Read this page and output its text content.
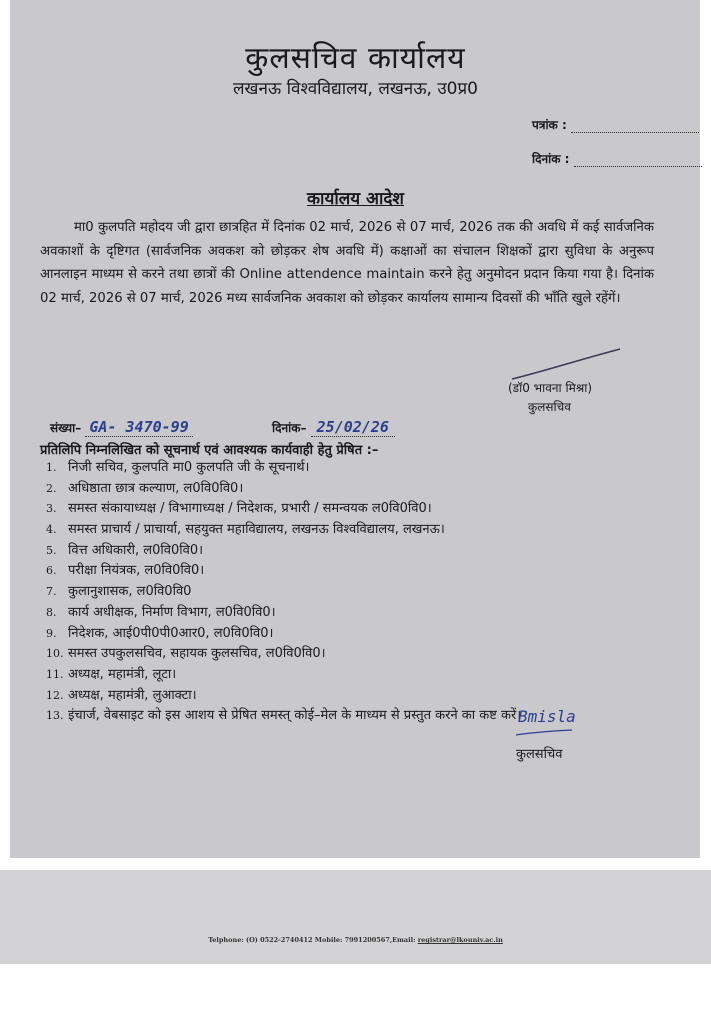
कुलसचिव कार्यालय
लखनऊ विश्वविद्यालय, लखनऊ, उ0प्र0
पत्रांक :
दिनांक :
कार्यालय आदेश

मा0 कुलपति महोदय जी द्वारा छात्रहित में दिनांक 02 मार्च, 2026 से 07 मार्च, 2026 तक की अवधि में कई सार्वजनिक अवकाशों के दृष्टिगत (सार्वजनिक अवकश को छोड़कर शेष अवधि में) कक्षाओं का संचालन शिक्षकों द्वारा सुविधा के अनुरूप आनलाइन माध्यम से करने तथा छात्रों की Online attendence maintain करने हेतु अनुमोदन प्रदान किया गया है। दिनांक 02 मार्च, 2026 से 07 मार्च, 2026 मध्य सार्वजनिक अवकाश को छोड़कर कार्यालय सामान्य दिवसों की भाँति खुले रहेंगें।

(डॉ0 भावना मिश्रा)
कुलसचिव
संख्या– GA- 3470-99	दिनांक– 25/02/26
प्रतिलिपि निम्नलिखित को सूचनार्थ एवं आवश्यक कार्यवाही हेतु प्रेषित :–
1. निजी सचिव, कुलपति मा0 कुलपति जी के सूचनार्थ।
2. अधिष्ठाता छात्र कल्याण, ल0वि0वि0।
3. समस्त संकायाध्यक्ष / विभागाध्यक्ष / निदेशक, प्रभारी / समन्वयक ल0वि0वि0।
4. समस्त प्राचार्य / प्राचार्या, सहयुक्त महाविद्यालय, लखनऊ विश्वविद्यालय, लखनऊ।
5. वित्त अधिकारी, ल0वि0वि0।
6. परीक्षा नियंत्रक, ल0वि0वि0।
7. कुलानुशासक, ल0वि0वि0
8. कार्य अधीक्षक, निर्माण विभाग, ल0वि0वि0।
9. निदेशक, आई0पी0पी0आर0, ल0वि0वि0।
10. समस्त उपकुलसचिव, सहायक कुलसचिव, ल0वि0वि0।
11. अध्यक्ष, महामंत्री, लूटा।
12. अध्यक्ष, महामंत्री, लुआक्टा।
13. इंचार्ज, वेबसाइट को इस आशय से प्रेषित समस्त् कोई–मेल के माध्यम से प्रस्तुत करने का कष्ट करें।
Bmisla
कुलसचिव
Telphone: (O) 0522-2740412 Mobile: 7991200567,Email: registrar@lkouniv.ac.in
